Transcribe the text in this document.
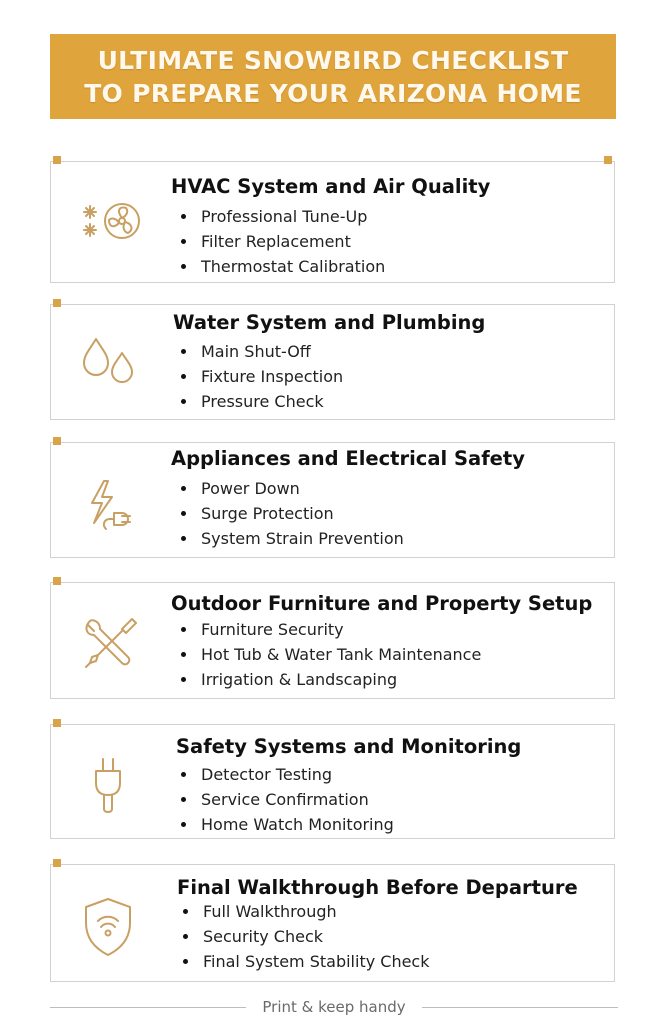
ULTIMATE SNOWBIRD CHECKLIST
TO PREPARE YOUR ARIZONA HOME
HVAC System and Air Quality
Professional Tune-Up
Filter Replacement
Thermostat Calibration
Water System and Plumbing
Main Shut-Off
Fixture Inspection
Pressure Check
Appliances and Electrical Safety
Power Down
Surge Protection
System Strain Prevention
Outdoor Furniture and Property Setup
Furniture Security
Hot Tub & Water Tank Maintenance
Irrigation & Landscaping
Safety Systems and Monitoring
Detector Testing
Service Confirmation
Home Watch Monitoring
Final Walkthrough Before Departure
Full Walkthrough
Security Check
Final System Stability Check
Print & keep handy
